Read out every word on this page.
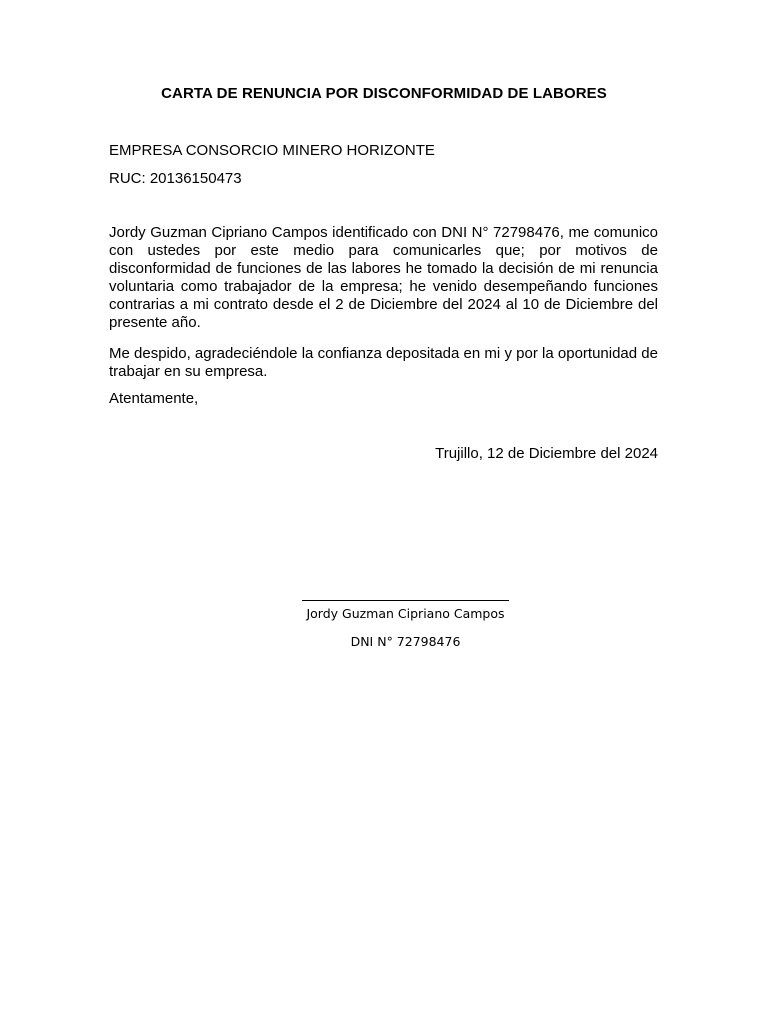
CARTA DE RENUNCIA POR DISCONFORMIDAD DE LABORES
EMPRESA CONSORCIO MINERO HORIZONTE
RUC: 20136150473

Jordy Guzman Cipriano Campos identificado con DNI N° 72798476, me comunico con ustedes por este medio para comunicarles que; por motivos de disconformidad de funciones de las labores he tomado la decisión de mi renuncia voluntaria como trabajador de la empresa; he venido desempeñando funciones contrarias a mi contrato desde el 2 de Diciembre del 2024 al 10 de Diciembre del presente año.

Me despido, agradeciéndole la confianza depositada en mi y por la oportunidad de trabajar en su empresa.

Atentamente,
Trujillo, 12 de Diciembre del 2024
Jordy Guzman Cipriano Campos
DNI N° 72798476
